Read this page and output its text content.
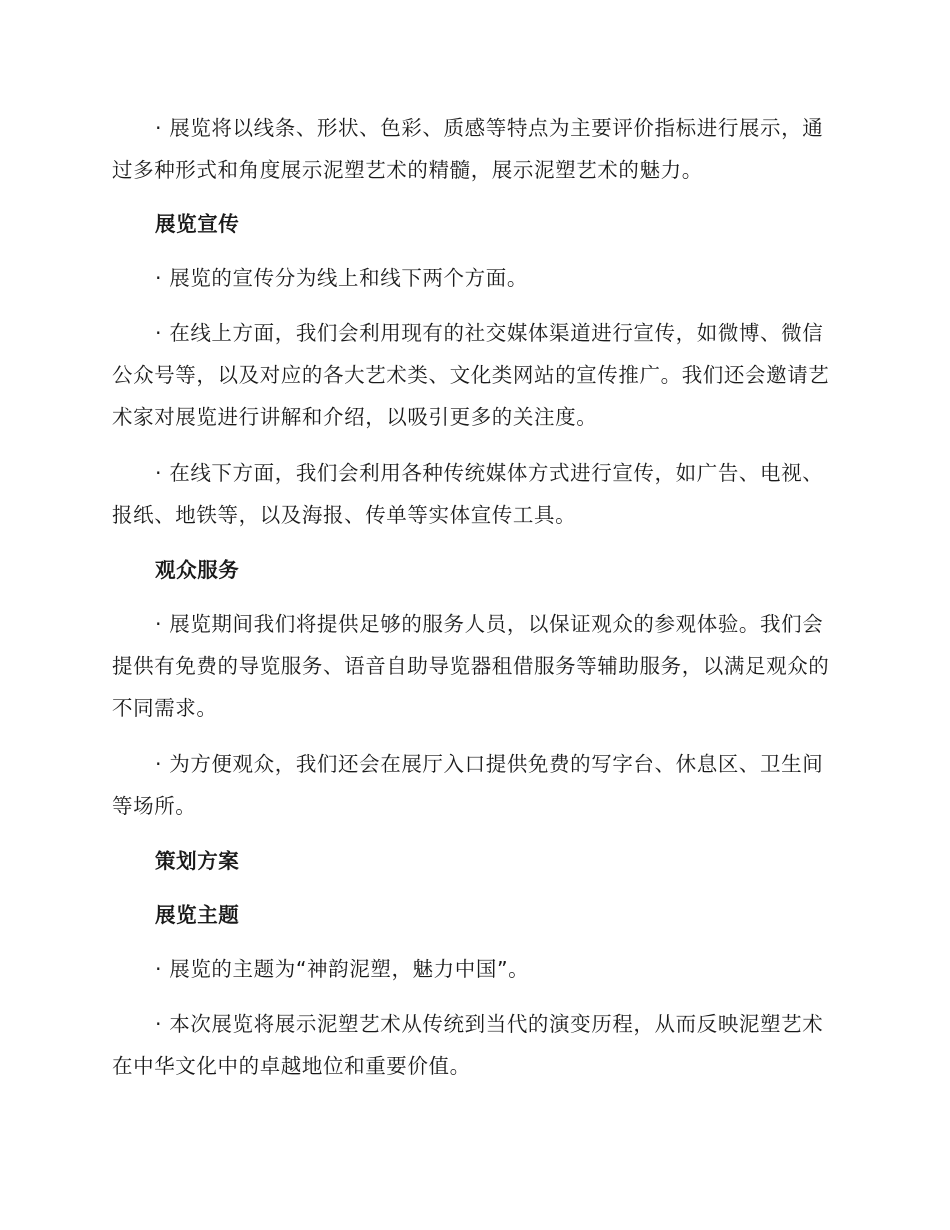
· 展览将以线条、形状、色彩、质感等特点为主要评价指标进行展示，通过多种形式和角度展示泥塑艺术的精髓，展示泥塑艺术的魅力。

展览宣传

· 展览的宣传分为线上和线下两个方面。

· 在线上方面，我们会利用现有的社交媒体渠道进行宣传，如微博、微信公众号等，以及对应的各大艺术类、文化类网站的宣传推广。我们还会邀请艺术家对展览进行讲解和介绍，以吸引更多的关注度。

· 在线下方面，我们会利用各种传统媒体方式进行宣传，如广告、电视、报纸、地铁等，以及海报、传单等实体宣传工具。

观众服务

· 展览期间我们将提供足够的服务人员，以保证观众的参观体验。我们会提供有免费的导览服务、语音自助导览器租借服务等辅助服务，以满足观众的不同需求。

· 为方便观众，我们还会在展厅入口提供免费的写字台、休息区、卫生间等场所。

策划方案
展览主题

· 展览的主题为“神韵泥塑，魅力中国”。

· 本次展览将展示泥塑艺术从传统到当代的演变历程，从而反映泥塑艺术在中华文化中的卓越地位和重要价值。
